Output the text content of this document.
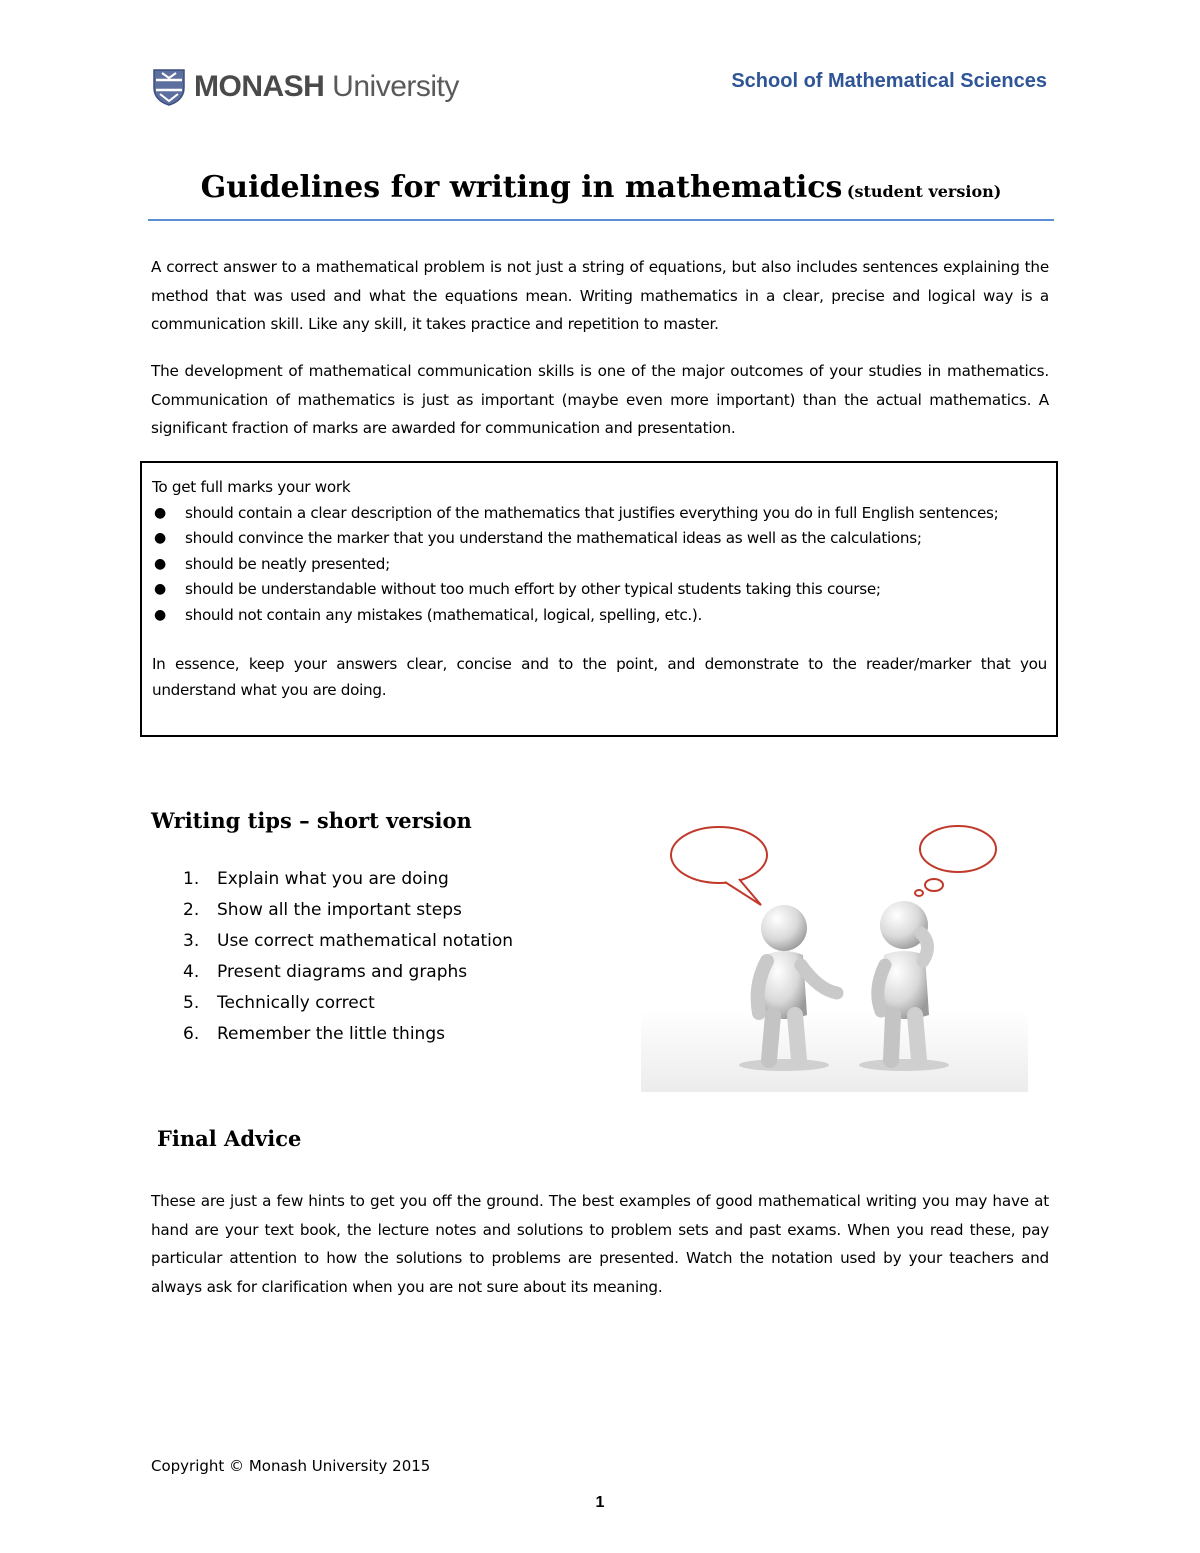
MONASH University	School of Mathematical Sciences
Guidelines for writing in mathematics (student version)

A correct answer to a mathematical problem is not just a string of equations, but also includes sentences explaining the method that was used and what the equations mean. Writing mathematics in a clear, precise and logical way is a communication skill. Like any skill, it takes practice and repetition to master.

The development of mathematical communication skills is one of the major outcomes of your studies in mathematics. Communication of mathematics is just as important (maybe even more important) than the actual mathematics. A significant fraction of marks are awarded for communication and presentation.

To get full marks your work

● should contain a clear description of the mathematics that justifies everything you do in full English sentences;
● should convince the marker that you understand the mathematical ideas as well as the calculations;
● should be neatly presented;
● should be understandable without too much effort by other typical students taking this course;
● should not contain any mistakes (mathematical, logical, spelling, etc.).

In essence, keep your answers clear, concise and to the point, and demonstrate to the reader/marker that you understand what you are doing.

Writing tips – short version
1.	Explain what you are doing
2.	Show all the important steps
3.	Use correct mathematical notation
4.	Present diagrams and graphs
5.	Technically correct
6.	Remember the little things
Final Advice

These are just a few hints to get you off the ground. The best examples of good mathematical writing you may have at hand are your text book, the lecture notes and solutions to problem sets and past exams. When you read these, pay particular attention to how the solutions to problems are presented. Watch the notation used by your teachers and always ask for clarification when you are not sure about its meaning.

Copyright © Monash University 2015
1
